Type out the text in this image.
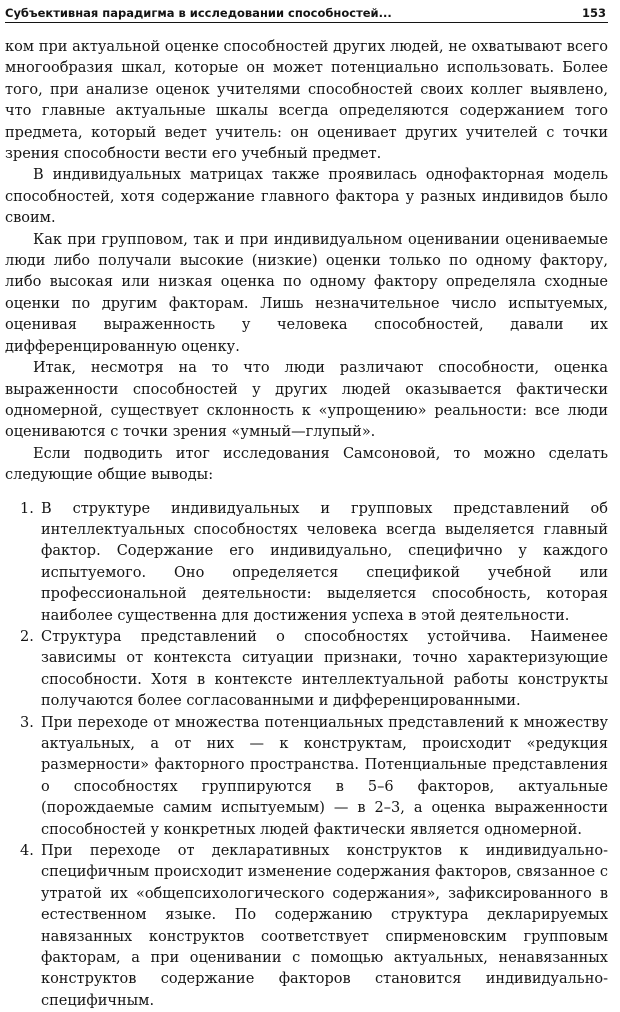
Субъективная парадигма в исследовании способностей...	153

ком при актуальной оценке способностей других людей, не охватывают всего многообразия шкал, которые он может потенциально использовать. Более того, при анализе оценок учителями способностей своих коллег выявлено, что главные актуальные шкалы всегда определяются содержанием того предмета, который ведет учитель: он оценивает других учителей с точки зрения способности вести его учебный предмет.

В индивидуальных матрицах также проявилась однофакторная модель способностей, хотя содержание главного фактора у разных индивидов было своим.

Как при групповом, так и при индивидуальном оценивании оцениваемые люди либо получали высокие (низкие) оценки только по одному фактору, либо высокая или низкая оценка по одному фактору определяла сходные оценки по другим факторам. Лишь незначительное число испытуемых, оценивая выраженность у человека способностей, давали их дифференцированную оценку.

Итак, несмотря на то что люди различают способности, оценка выраженности способностей у других людей оказывается фактически одномерной, существует склонность к «упрощению» реальности: все люди оцениваются с точки зрения «умный—глупый».

Если подводить итог исследования Самсоновой, то можно сделать следующие общие выводы:

1. В структуре индивидуальных и групповых представлений об интеллектуальных способностях человека всегда выделяется главный фактор. Содержание его индивидуально, специфично у каждого испытуемого. Оно определяется спецификой учебной или профессиональной деятельности: выделяется способность, которая наиболее существенна для достижения успеха в этой деятельности.
2. Структура представлений о способностях устойчива. Наименее зависимы от контекста ситуации признаки, точно характеризующие способности. Хотя в контексте интеллектуальной работы конструкты получаются более согласованными и дифференцированными.
3. При переходе от множества потенциальных представлений к множеству актуальных, а от них — к конструктам, происходит «редукция размерности» факторного пространства. Потенциальные представления о способностях группируются в 5–6 факторов, актуальные (порождаемые самим испытуемым) — в 2–3, а оценка выраженности способностей у конкретных людей фактически является одномерной.
4. При переходе от декларативных конструктов к индивидуально-специфичным происходит изменение содержания факторов, связанное с утратой их «общепсихологического содержания», зафиксированного в естественном языке. По содержанию структура декларируемых навязанных конструктов соответствует спирменовским групповым факторам, а при оценивании с помощью актуальных, ненавязанных конструктов содержание факторов становится индивидуально-специфичным.
